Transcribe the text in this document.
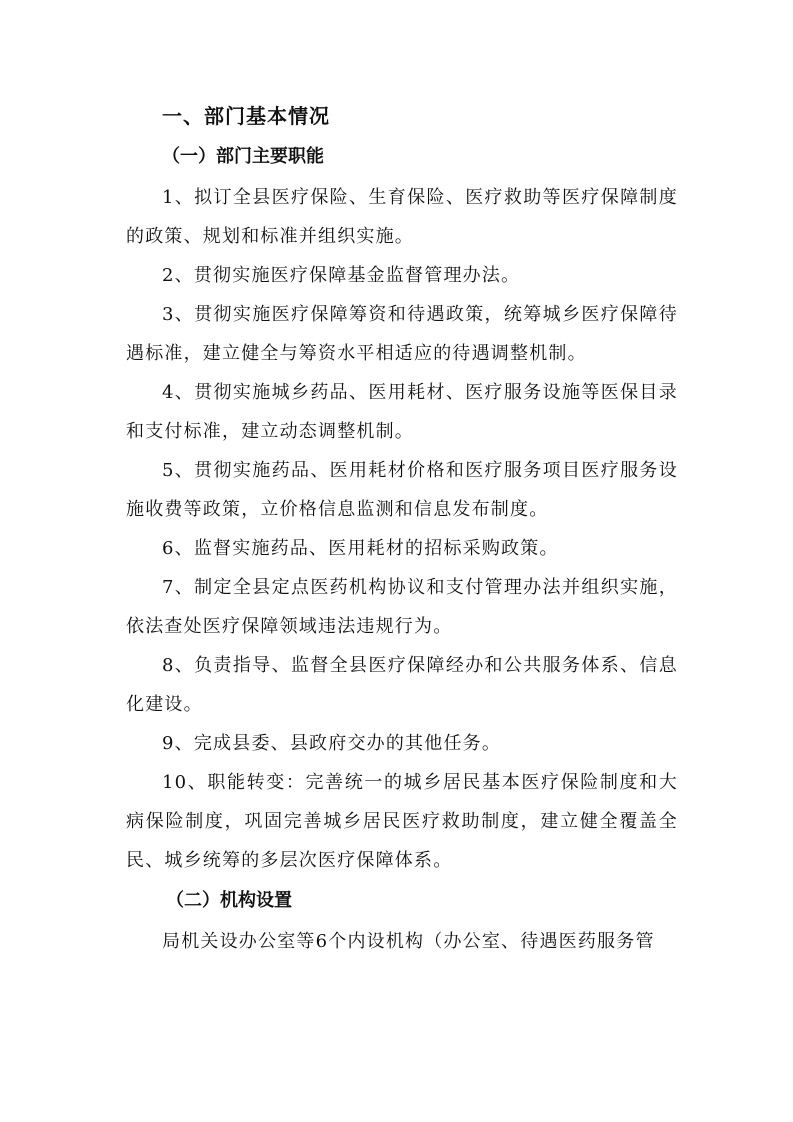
一、部门基本情况
（一）部门主要职能

1、拟订全县医疗保险、生育保险、医疗救助等医疗保障制度的政策、规划和标准并组织实施。

2、贯彻实施医疗保障基金监督管理办法。

3、贯彻实施医疗保障筹资和待遇政策，统筹城乡医疗保障待遇标准，建立健全与筹资水平相适应的待遇调整机制。

4、贯彻实施城乡药品、医用耗材、医疗服务设施等医保目录和支付标准，建立动态调整机制。

5、贯彻实施药品、医用耗材价格和医疗服务项目医疗服务设施收费等政策，立价格信息监测和信息发布制度。

6、监督实施药品、医用耗材的招标采购政策。

7、制定全县定点医药机构协议和支付管理办法并组织实施，依法查处医疗保障领域违法违规行为。

8、负责指导、监督全县医疗保障经办和公共服务体系、信息化建设。

9、完成县委、县政府交办的其他任务。

10、职能转变：完善统一的城乡居民基本医疗保险制度和大病保险制度，巩固完善城乡居民医疗救助制度，建立健全覆盖全民、城乡统筹的多层次医疗保障体系。

（二）机构设置

局机关设办公室等6个内设机构（办公室、待遇医药服务管
